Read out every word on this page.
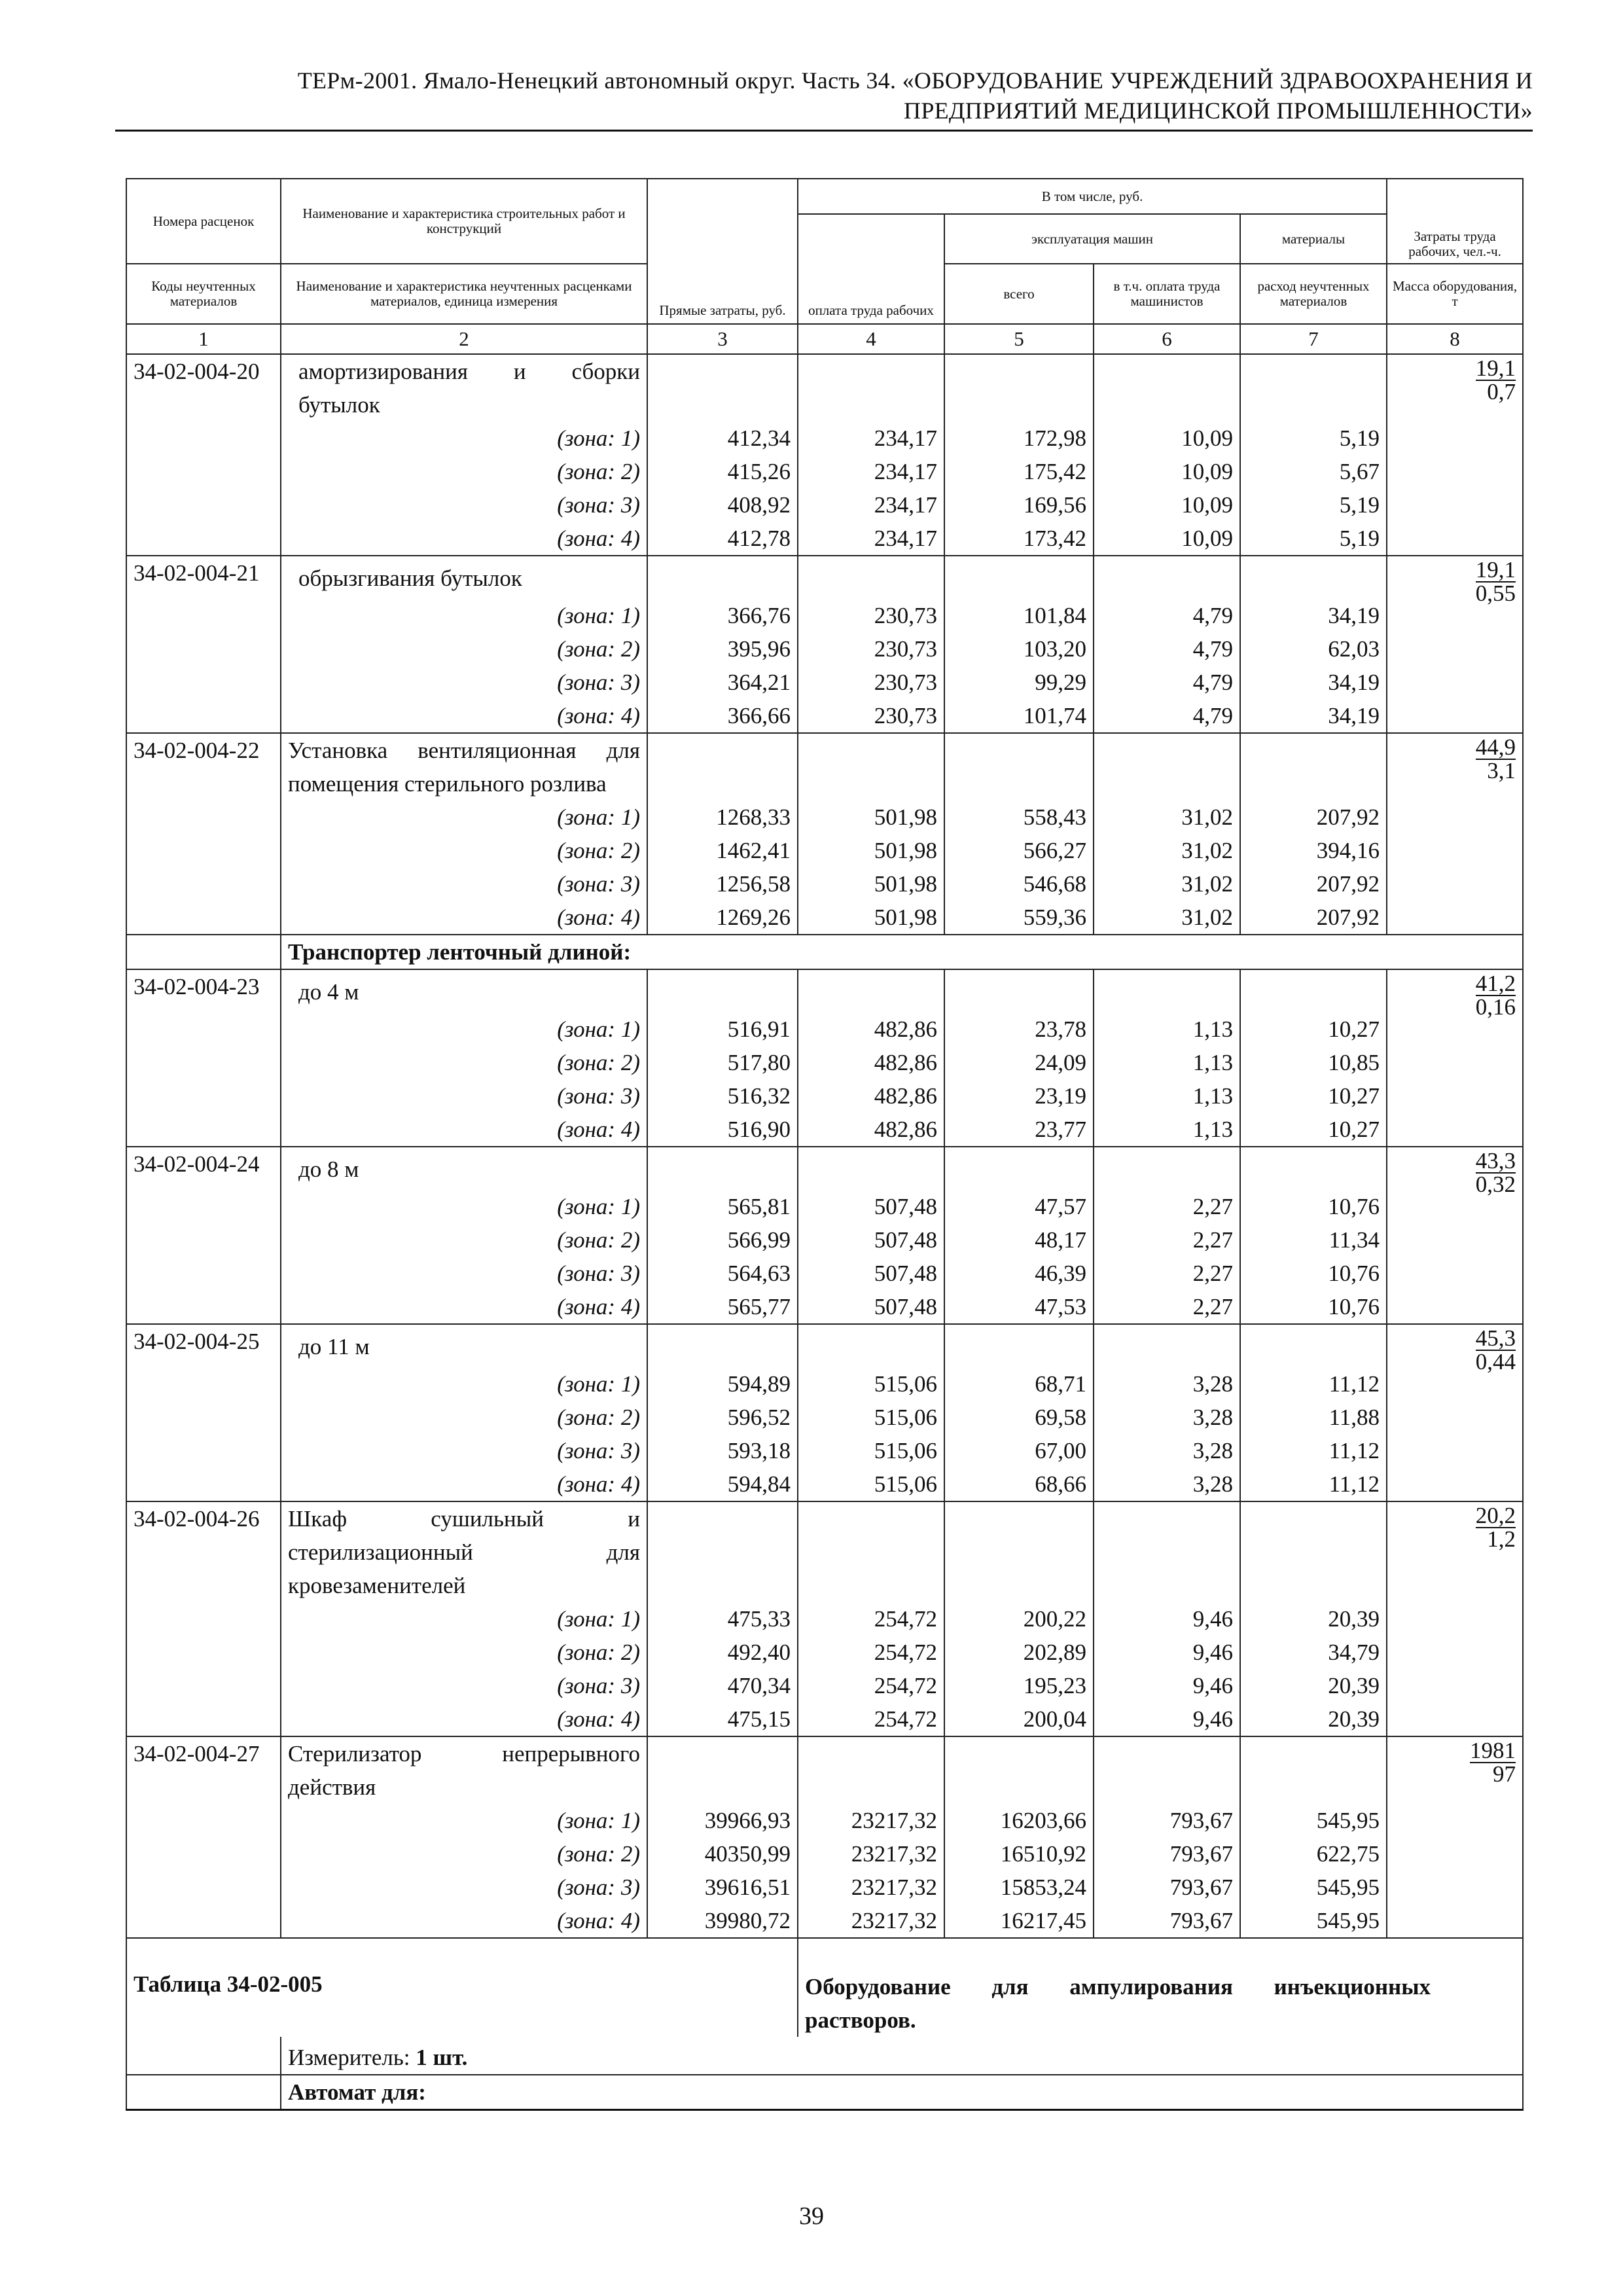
ТЕРм-2001. Ямало-Ненецкий автономный округ. Часть 34. «ОБОРУДОВАНИЕ УЧРЕЖДЕНИЙ ЗДРАВООХРАНЕНИЯ И
ПРЕДПРИЯТИЙ МЕДИЦИНСКОЙ ПРОМЫШЛЕННОСТИ»
Номера расценок	Наименование и характеристика строительных работ и конструкций	Прямые затраты, руб.	В том числе, руб.				Затраты труда рабочих, чел.-ч.
			оплата труда рабочих	эксплуатация машин		материалы	
Коды неучтенных материалов	Наименование и характеристика неучтенных расценками материалов, единица измерения			всего	в т.ч. оплата труда машинистов	расход неучтенных материалов	Масса оборудования, т
1	2	3	4	5	6	7	8
34-02-004-20	амортизирования и сборки бутылок						$\frac{19,1}{0,7}$

	(зона: 1)	412,34	234,17	172,98	10,09	5,19	
	(зона: 2)	415,26	234,17	175,42	10,09	5,67	
	(зона: 3)	408,92	234,17	169,56	10,09	5,19	
	(зона: 4)	412,78	234,17	173,42	10,09	5,19	
34-02-004-21	обрызгивания бутылок						$\frac{19,1}{0,55}$

	(зона: 1)	366,76	230,73	101,84	4,79	34,19	
	(зона: 2)	395,96	230,73	103,20	4,79	62,03	
	(зона: 3)	364,21	230,73	99,29	4,79	34,19	
	(зона: 4)	366,66	230,73	101,74	4,79	34,19	
34-02-004-22	Установка вентиляционная для помещения стерильного розлива						$\frac{44,9}{3,1}$

	(зона: 1)	1268,33	501,98	558,43	31,02	207,92	
	(зона: 2)	1462,41	501,98	566,27	31,02	394,16	
	(зона: 3)	1256,58	501,98	546,68	31,02	207,92	
	(зона: 4)	1269,26	501,98	559,36	31,02	207,92	
	Транспортер ленточный длиной:						
34-02-004-23	до 4 м						$\frac{41,2}{0,16}$

	(зона: 1)	516,91	482,86	23,78	1,13	10,27	
	(зона: 2)	517,80	482,86	24,09	1,13	10,85	
	(зона: 3)	516,32	482,86	23,19	1,13	10,27	
	(зона: 4)	516,90	482,86	23,77	1,13	10,27	
34-02-004-24	до 8 м						$\frac{43,3}{0,32}$

	(зона: 1)	565,81	507,48	47,57	2,27	10,76	
	(зона: 2)	566,99	507,48	48,17	2,27	11,34	
	(зона: 3)	564,63	507,48	46,39	2,27	10,76	
	(зона: 4)	565,77	507,48	47,53	2,27	10,76	
34-02-004-25	до 11 м						$\frac{45,3}{0,44}$

	(зона: 1)	594,89	515,06	68,71	3,28	11,12	
	(зона: 2)	596,52	515,06	69,58	3,28	11,88	
	(зона: 3)	593,18	515,06	67,00	3,28	11,12	
	(зона: 4)	594,84	515,06	68,66	3,28	11,12	
34-02-004-26	Шкаф сушильный и стерилизационный для кровезаменителей						$\frac{20,2}{1,2}$

	(зона: 1)	475,33	254,72	200,22	9,46	20,39	
	(зона: 2)	492,40	254,72	202,89	9,46	34,79	
	(зона: 3)	470,34	254,72	195,23	9,46	20,39	
	(зона: 4)	475,15	254,72	200,04	9,46	20,39	
34-02-004-27	Стерилизатор непрерывного действия						$\frac{1981}{97}$

	(зона: 1)	39966,93	23217,32	16203,66	793,67	545,95	
	(зона: 2)	40350,99	23217,32	16510,92	793,67	622,75	
	(зона: 3)	39616,51	23217,32	15853,24	793,67	545,95	
	(зона: 4)	39980,72	23217,32	16217,45	793,67	545,95	
Таблица 34-02-005			Оборудование для ампулирования инъекционных растворов.				
	Измеритель: 1 шт.						
	Автомат для:						
39
